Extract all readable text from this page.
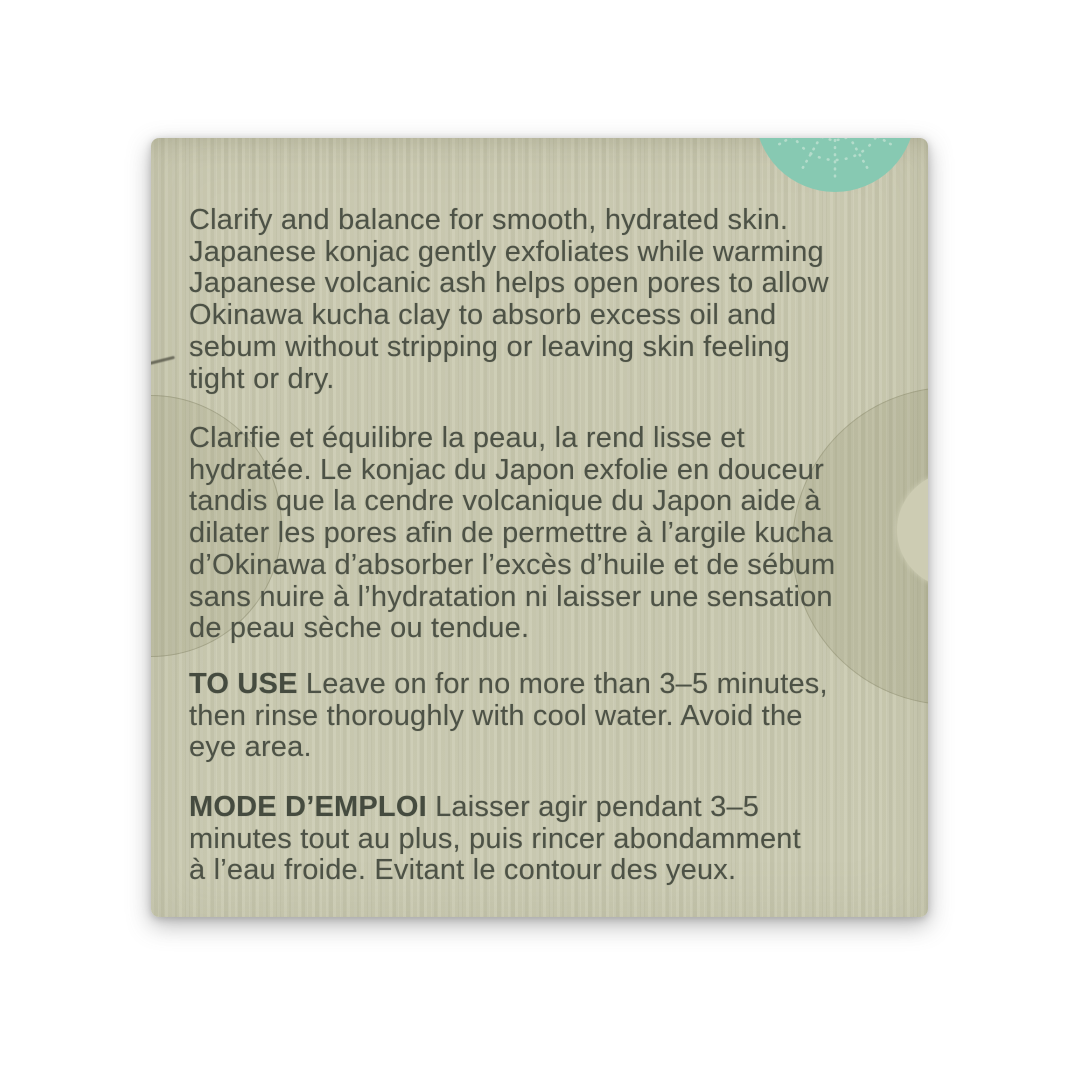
Clarify and balance for smooth, hydrated skin.
Japanese konjac gently exfoliates while warming
Japanese volcanic ash helps open pores to allow
Okinawa kucha clay to absorb excess oil and
sebum without stripping or leaving skin feeling
tight or dry.
Clarifie et équilibre la peau, la rend lisse et
hydratée. Le konjac du Japon exfolie en douceur
tandis que la cendre volcanique du Japon aide à
dilater les pores afin de permettre à l’argile kucha
d’Okinawa d’absorber l’excès d’huile et de sébum
sans nuire à l’hydratation ni laisser une sensation
de peau sèche ou tendue.
TO USE Leave on for no more than 3–5 minutes,
then rinse thoroughly with cool water. Avoid the
eye area.
MODE D’EMPLOI Laisser agir pendant 3–5
minutes tout au plus, puis rincer abondamment
à l’eau froide. Evitant le contour des yeux.
